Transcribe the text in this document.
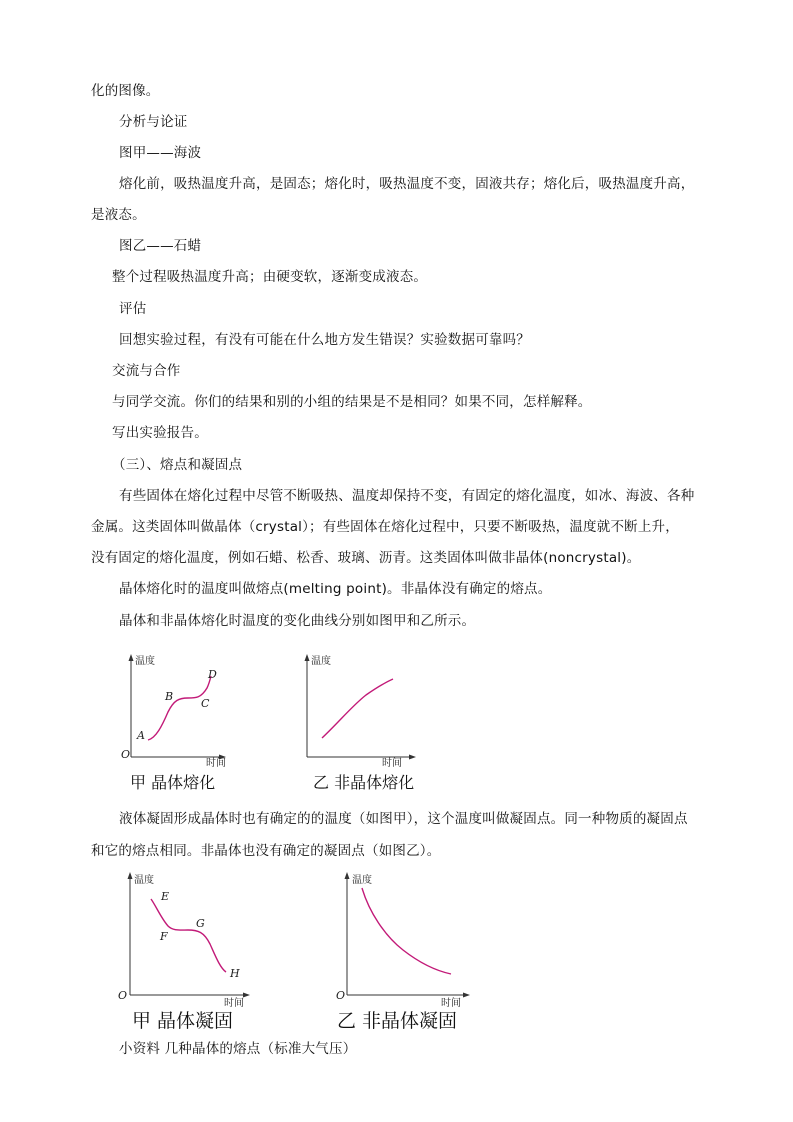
化的图像。
分析与论证
图甲——海波
熔化前，吸热温度升高，是固态；熔化时，吸热温度不变，固液共存；熔化后，吸热温度升高，
是液态。
图乙——石蜡
整个过程吸热温度升高；由硬变软，逐渐变成液态。
评估
回想实验过程，有没有可能在什么地方发生错误？实验数据可靠吗？
交流与合作
与同学交流。你们的结果和别的小组的结果是不是相同？如果不同，怎样解释。
写出实验报告。
（三）、熔点和凝固点
有些固体在熔化过程中尽管不断吸热、温度却保持不变，有固定的熔化温度，如冰、海波、各种
金属。这类固体叫做晶体（crystal）；有些固体在熔化过程中，只要不断吸热，温度就不断上升，
没有固定的熔化温度，例如石蜡、松香、玻璃、沥青。这类固体叫做非晶体(noncrystal)。
晶体熔化时的温度叫做熔点(melting point)。非晶体没有确定的熔点。
晶体和非晶体熔化时温度的变化曲线分别如图甲和乙所示。
温度
时间
O
A
B
C
D
甲 晶体熔化
温度
时间
乙 非晶体熔化
液体凝固形成晶体时也有确定的的温度（如图甲），这个温度叫做凝固点。同一种物质的凝固点
和它的熔点相同。非晶体也没有确定的凝固点（如图乙）。
温度
时间
O
E
F
G
H
甲 晶体凝固
温度
时间
O
乙 非晶体凝固
小资料 几种晶体的熔点（标准大气压）
